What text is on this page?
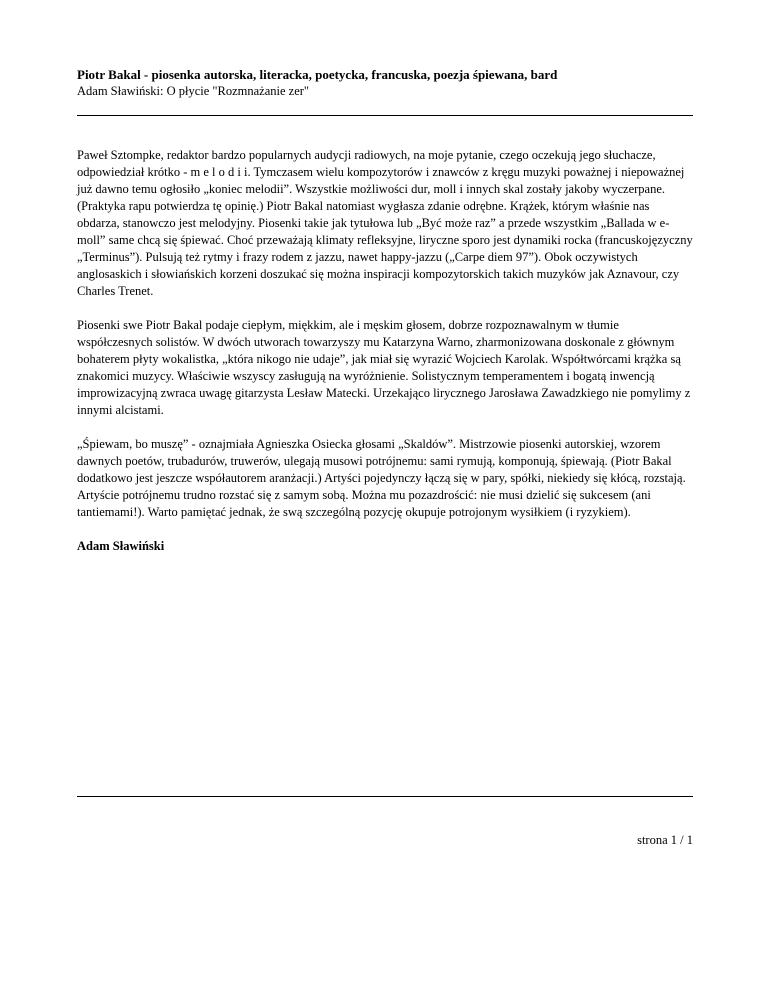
Piotr Bakal - piosenka autorska, literacka, poetycka, francuska, poezja śpiewana, bard
Adam Sławiński: O płycie "Rozmnażanie zer"

Paweł Sztompke, redaktor bardzo popularnych audycji radiowych, na moje pytanie, czego oczekują jego słuchacze, odpowiedział krótko - m e l o d i i. Tymczasem wielu kompozytorów i znawców z kręgu muzyki poważnej i niepoważnej już dawno temu ogłosiło „koniec melodii”. Wszystkie możliwości dur, moll i innych skal zostały jakoby wyczerpane. (Praktyka rapu potwierdza tę opinię.) Piotr Bakal natomiast wygłasza zdanie odrębne. Krążek, którym właśnie nas obdarza, stanowczo jest melodyjny. Piosenki takie jak tytułowa lub „Być może raz” a przede wszystkim „Ballada w e-moll” same chcą się śpiewać. Choć przeważają klimaty refleksyjne, liryczne sporo jest dynamiki rocka (francuskojęzyczny „Terminus”). Pulsują też rytmy i frazy rodem z jazzu, nawet happy-jazzu („Carpe diem 97”). Obok oczywistych anglosaskich i słowiańskich korzeni doszukać się można inspiracji kompozytorskich takich muzyków jak Aznavour, czy Charles Trenet.

Piosenki swe Piotr Bakal podaje ciepłym, miękkim, ale i męskim głosem, dobrze rozpoznawalnym w tłumie współczesnych solistów. W dwóch utworach towarzyszy mu Katarzyna Warno, zharmonizowana doskonale z głównym bohaterem płyty wokalistka, „która nikogo nie udaje”, jak miał się wyrazić Wojciech Karolak. Współtwórcami krążka są znakomici muzycy. Właściwie wszyscy zasługują na wyróżnienie. Solistycznym temperamentem i bogatą inwencją improwizacyjną zwraca uwagę gitarzysta Lesław Matecki. Urzekająco lirycznego Jarosława Zawadzkiego nie pomylimy z innymi alcistami.

„Śpiewam, bo muszę” - oznajmiała Agnieszka Osiecka głosami „Skaldów”. Mistrzowie piosenki autorskiej, wzorem dawnych poetów, trubadurów, truwerów, ulegają musowi potrójnemu: sami rymują, komponują, śpiewają. (Piotr Bakal dodatkowo jest jeszcze współautorem aranżacji.) Artyści pojedynczy łączą się w pary, spółki, niekiedy się kłócą, rozstają. Artyście potrójnemu trudno rozstać się z samym sobą. Można mu pozazdrościć: nie musi dzielić się sukcesem (ani tantiemami!). Warto pamiętać jednak, że swą szczególną pozycję okupuje potrojonym wysiłkiem (i ryzykiem).

Adam Sławiński

strona 1 / 1
